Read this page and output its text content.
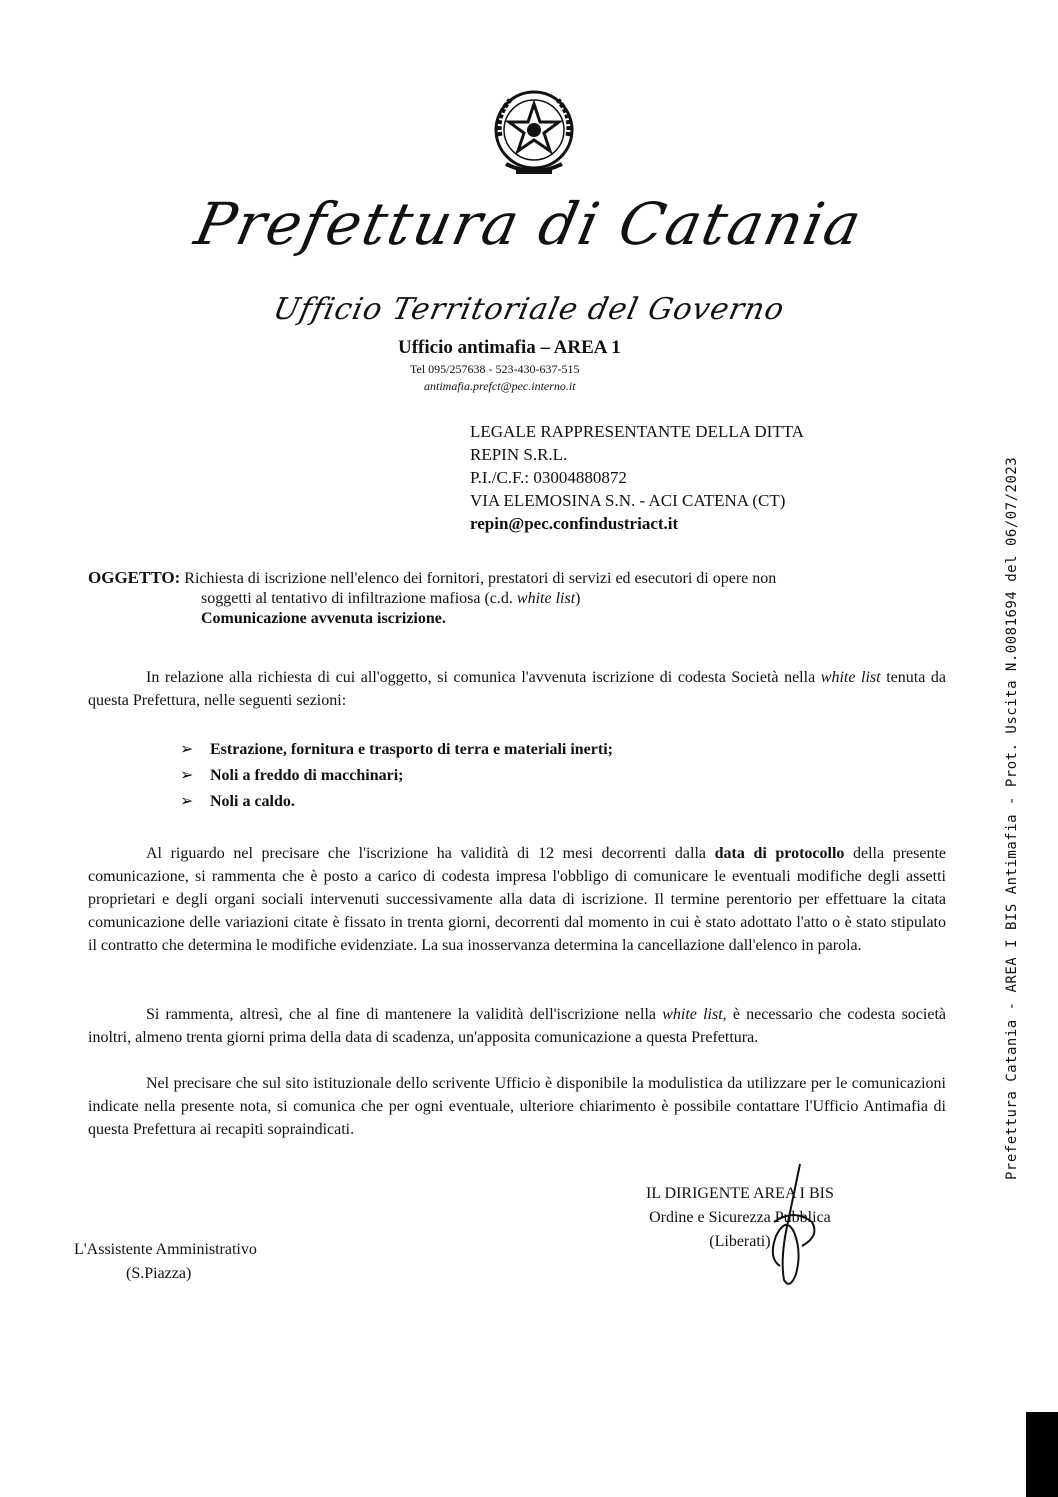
Prefettura di Catania
Ufficio Territoriale del Governo
Ufficio antimafia – AREA 1
Tel 095/257638 - 523-430-637-515
antimafia.prefct@pec.interno.it
LEGALE RAPPRESENTANTE DELLA DITTA
REPIN S.R.L.
P.I./C.F.: 03004880872
VIA ELEMOSINA S.N. - ACI CATENA (CT)
repin@pec.confindustriact.it
OGGETTO: Richiesta di iscrizione nell'elenco dei fornitori, prestatori di servizi ed esecutori di opere non
soggetti al tentativo di infiltrazione mafiosa (c.d. white list)
Comunicazione avvenuta iscrizione.
In relazione alla richiesta di cui all'oggetto, si comunica l'avvenuta iscrizione di codesta Società nella white list tenuta da questa Prefettura, nelle seguenti sezioni:
➢ Estrazione, fornitura e trasporto di terra e materiali inerti;
➢ Noli a freddo di macchinari;
➢ Noli a caldo.
Al riguardo nel precisare che l'iscrizione ha validità di 12 mesi decorrenti dalla data di protocollo della presente comunicazione, si rammenta che è posto a carico di codesta impresa l'obbligo di comunicare le eventuali modifiche degli assetti proprietari e degli organi sociali intervenuti successivamente alla data di iscrizione. Il termine perentorio per effettuare la citata comunicazione delle variazioni citate è fissato in trenta giorni, decorrenti dal momento in cui è stato adottato l'atto o è stato stipulato il contratto che determina le modifiche evidenziate. La sua inosservanza determina la cancellazione dall'elenco in parola.
Si rammenta, altresì, che al fine di mantenere la validità dell'iscrizione nella white list, è necessario che codesta società inoltri, almeno trenta giorni prima della data di scadenza, un'apposita comunicazione a questa Prefettura.
Nel precisare che sul sito istituzionale dello scrivente Ufficio è disponibile la modulistica da utilizzare per le comunicazioni indicate nella presente nota, si comunica che per ogni eventuale, ulteriore chiarimento è possibile contattare l'Ufficio Antimafia di questa Prefettura ai recapiti sopraindicati.
IL DIRIGENTE AREA I BIS
Ordine e Sicurezza Pubblica
(Liberati)
L'Assistente Amministrativo
(S.Piazza)
Prefettura Catania - AREA I BIS Antimafia - Prot. Uscita N.0081694 del 06/07/2023
